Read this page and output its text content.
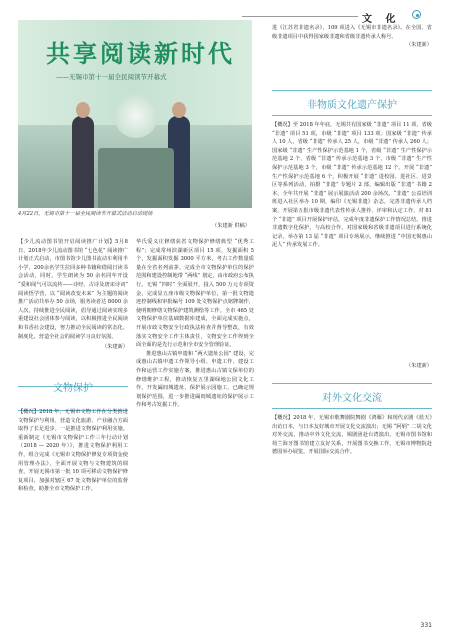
文 化
共享阅读新时代
——无锡市第十一届全民阅读节开幕式
4月22日，无锡市第十一届全民阅读节开幕式活动启动现场
（朱建新 供稿）

【少儿流动图书馆开启阅读推广计划】5月8日，2018年少儿流动图书馆 “七色花” 阅读推广计划正式启动，市图书馆少儿图书流动车利用半小学、200余名学生拉回多种书籍和借阅日读书会活动，同时，学生朗读为 50 余名同年开设 “爱和阅气可以流传——诗经、古诗及唐宋诗词” 阅读悟学营，以 “阅读改变未来” 为主题的阅读推广活动共举办 50 余场，服务读者达 8000 余人次，持续推进全民阅读，倡导通过阅读实现多重建设社会团体参与阅读，以积极推进全民阅读和书香社会建设，努力推动全民阅读的常态化、制度化，营造全社会的阅读学习良好氛围。

（朱建新）
文物保护

【概况】2018 年，无锡市文物工作在分类推进文物保护与利用、营造文化旅游、产业融合方面取得了长足进步。一是推进文物保护利用实施。重新制定《无锡市文物保护工作三年行动计划（2018 — 2020 年）》，推进文物保护利用工作，组合完成《无锡市文物保护修复专项资金使用管理办法》，全面开展文物与文物建筑的调查，开展无锡市第一批 10 项可移动文物保护修复项目，加强对辖区 67 处文物保护单位的监督和检查，助推全市文物保护工作。

华氏爱义庄修缮获省文物保护修缮典型 “优秀工程”；完成常州滨湖新区项目 15 项，发掘面积 5 个，发掘面积发掘 3000 平方米，考古工作数量质量在全省名列前茅。完成全市文物保护单位的保护范围和建设控制地带 “两线” 划定，由市政府公布执行。无锡 “四时” 全面展开，投入 500 万元专项资金，完成显五座市级文物保护单位，第一批文物遗迹控制线和审批编号 109 处文物保护点铭牌制作，使明朝修缮文物保护建筑测绘等工作。全市 465 处文物保护单位基础数据库建成，全面完成实施点，开展市政文物安全行政执法检查并督导整改，有效落实文物安全工作主体责任，文物安全工作得到全面全面的是先行示范和全市安全管理验证。

推进惠山古镇申遗和 “两大遗址公园” 建设，完成惠山古镇申遗工作领导小组、申遗工作、建设工作和运营工作实施方案，推进惠山古镇文保单位的修缮维护工程，推动恢复五里湖绿地公园文化工作，开发阖闾城遗址，保护展示园施工，已确定规划保护范围，进一步推进阖闾城遗址的保护展示工作和考古发掘工作。

进《江苏省非遗名录》，109 项进入《无锡市非遗名录》。在全国、省级非遗项目中获得国家级非遗和省级非遗传承人称号。

（朱建新）
非物质文化遗产保护

【概况】至 2018 年年底，无锡共有国家级 “非遗” 项目 11 项，省级 “非遗” 项目 51 项，市级 “非遗” 项目 133 项；国家级 “非遗” 传承人 10 人，省级 “非遗” 传承人 25 人，市级 “非遗” 传承人 260 人；国家级 “非遗” 生产性保护示范基地 1 个，省级 “非遗” 生产性保护示范基地 2 个，省级 “非遗” 传承示范基地 3 个，市级 “非遗” 生产性保护示范基地 3 个，市级 “非遗” 传承示范基地 12 个。开展 “非遗” 生产性保护示范基地 6 个，积极开展 “非遗” 进校园、进社区、进景区等系列活动，拍摄 “非遗” 专题片 2 部，编辑出版 “非遗” 书籍 2 本，全年共开展 “非遗” 展示展演活动 200 余场次。“非遗” 公益培训班进入社区举办 10 期，编印《无锡非遗》杂志，完善非遗传承人档案，开展第五批市级非遗代表性传承人推荐、评审和认定工作，对 81 个 “非遗” 项目开展保护评估，完成年度非遗保护工作情况总结。推进非遗数字化保护，与高校合作，对国家级和省级非遗项目进行系统化记录，举办第 13 届 “非遗” 项目专场展示，继续推进 “中国无锡惠山泥人” 传承发展工作。

（朱建新）
对外文化交流

【概况】2018 年，无锡市歌舞剧院舞剧《鸿雁》和现代京剧《蓝天》出访日本，与日本友好城市开展文化交流演出；无锡 “阿炳” 二胡文化对外交流，推动中外文化交流，锡剧团赴台湾演出，无锡市图书馆和荷兰海牙图书馆建立友好关系，开展图书交换工作。无锡市博物院赴德国举办展览，开展国际交流合作。

331
